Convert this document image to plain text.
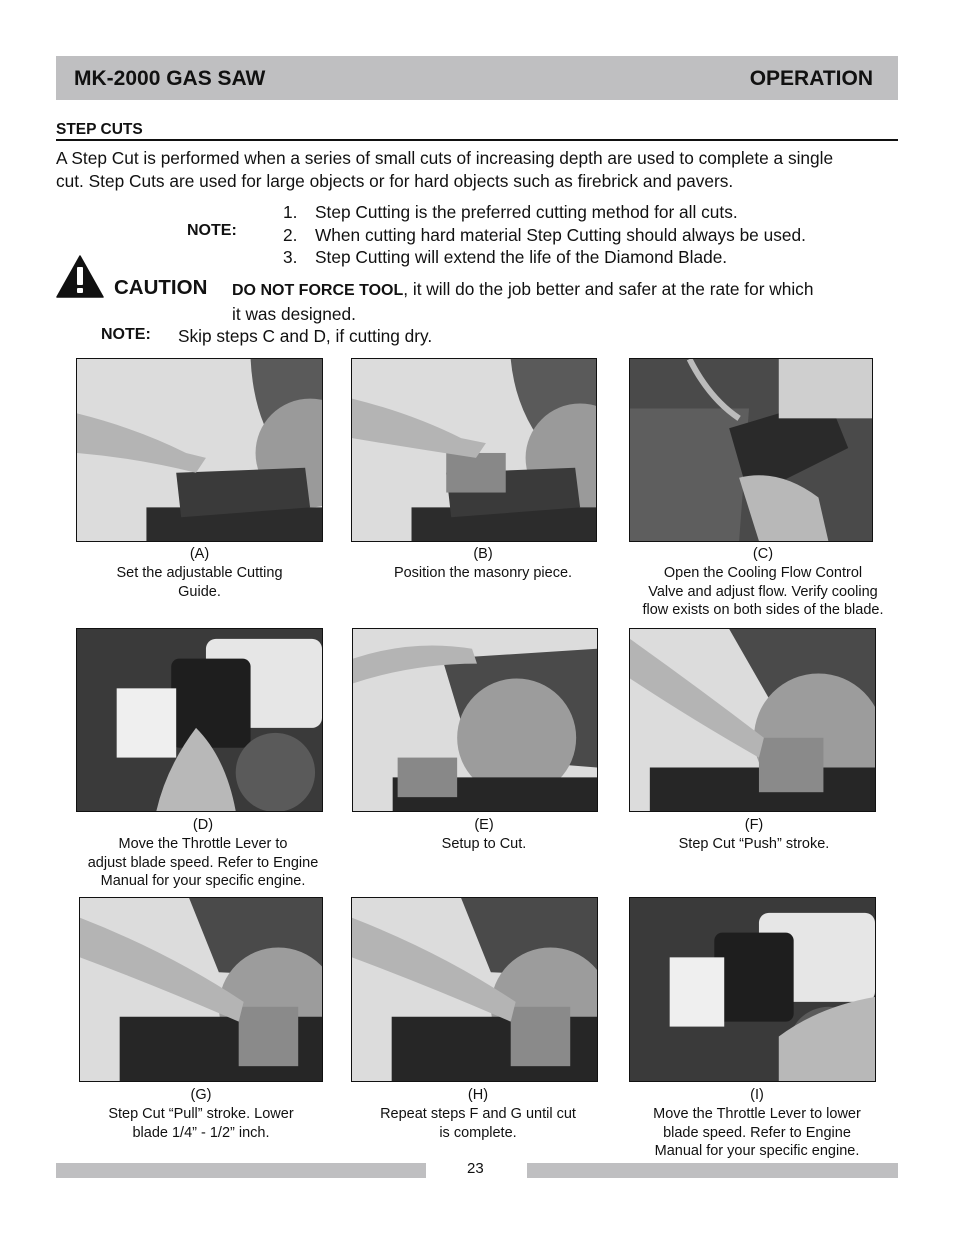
MK-2000 GAS SAW	OPERATION
STEP CUTS
A Step Cut is performed when a series of small cuts of increasing depth are used to complete a single
cut. Step Cuts are used for large objects or for hard objects such as firebrick and pavers.
NOTE:
1. Step Cutting is the preferred cutting method for all cuts.
2. When cutting hard material Step Cutting should always be used.
3. Step Cutting will extend the life of the Diamond Blade.
CAUTION DO NOT FORCE TOOL, it will do the job better and safer at the rate for which
it was designed.
NOTE: Skip steps C and D, if cutting dry.
(A)
Set the adjustable Cutting
Guide.
(B)
Position the masonry piece.
(C)
Open the Cooling Flow Control
Valve and adjust flow. Verify cooling
flow exists on both sides of the blade.
(D)
Move the Throttle Lever to
adjust blade speed. Refer to Engine
Manual for your specific engine.
(E)
Setup to Cut.
(F)
Step Cut “Push” stroke.
(G)
Step Cut “Pull” stroke. Lower
blade 1/4” - 1/2” inch.
(H)
Repeat steps F and G until cut
is complete.
(I)
Move the Throttle Lever to lower
blade speed. Refer to Engine
Manual for your specific engine.
23
